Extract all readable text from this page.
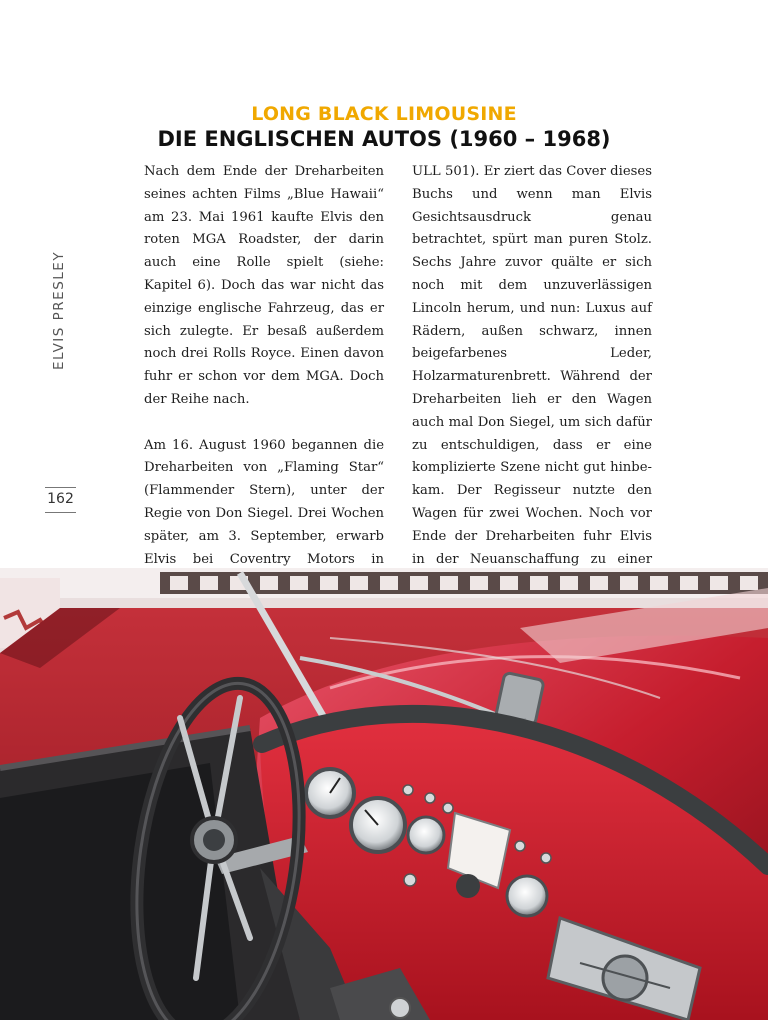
LONG BLACK LIMOUSINE
DIE ENGLISCHEN AUTOS (1960 – 1968)
ELVIS PRESLEY
162

Nach dem Ende der Dreharbeiten seines achten Films „Blue Hawaii“ am 23. Mai 1961 kaufte Elvis den roten MGA Roadster, der darin auch eine Rolle spielt (siehe: Kapitel 6). Doch das war nicht das einzige englische Fahrzeug, das er sich zulegte. Er besaß außerdem noch drei Rolls Royce. Einen davon fuhr er schon vor dem MGA. Doch der Reihe nach.

Am 16. August 1960 begannen die Dreharbeiten von „Flaming Star“ (Flammender Stern), unter der Regie von Don Siegel. Drei Wochen später, am 3. September, erwarb Elvis bei Coventry Motors in

ULL 501). Er ziert das Cover dieses Buchs und wenn man Elvis Gesichtsausdruck genau betrachtet, spürt man puren Stolz. Sechs Jahre zuvor quälte er sich noch mit dem unzuverlässigen Lincoln herum, und nun: Luxus auf Rädern, außen schwarz, innen beigefarbenes Leder, Holzarmaturenbrett. Während der Dreharbeiten lieh er den Wagen auch mal Don Siegel, um sich dafür zu entschuldigen, dass er eine komplizierte Szene nicht gut hinbekam. Der Regisseur nutzte den Wagen für zwei Wochen. Noch vor Ende der Dreharbeiten fuhr Elvis in der Neuanschaffung zu einer
